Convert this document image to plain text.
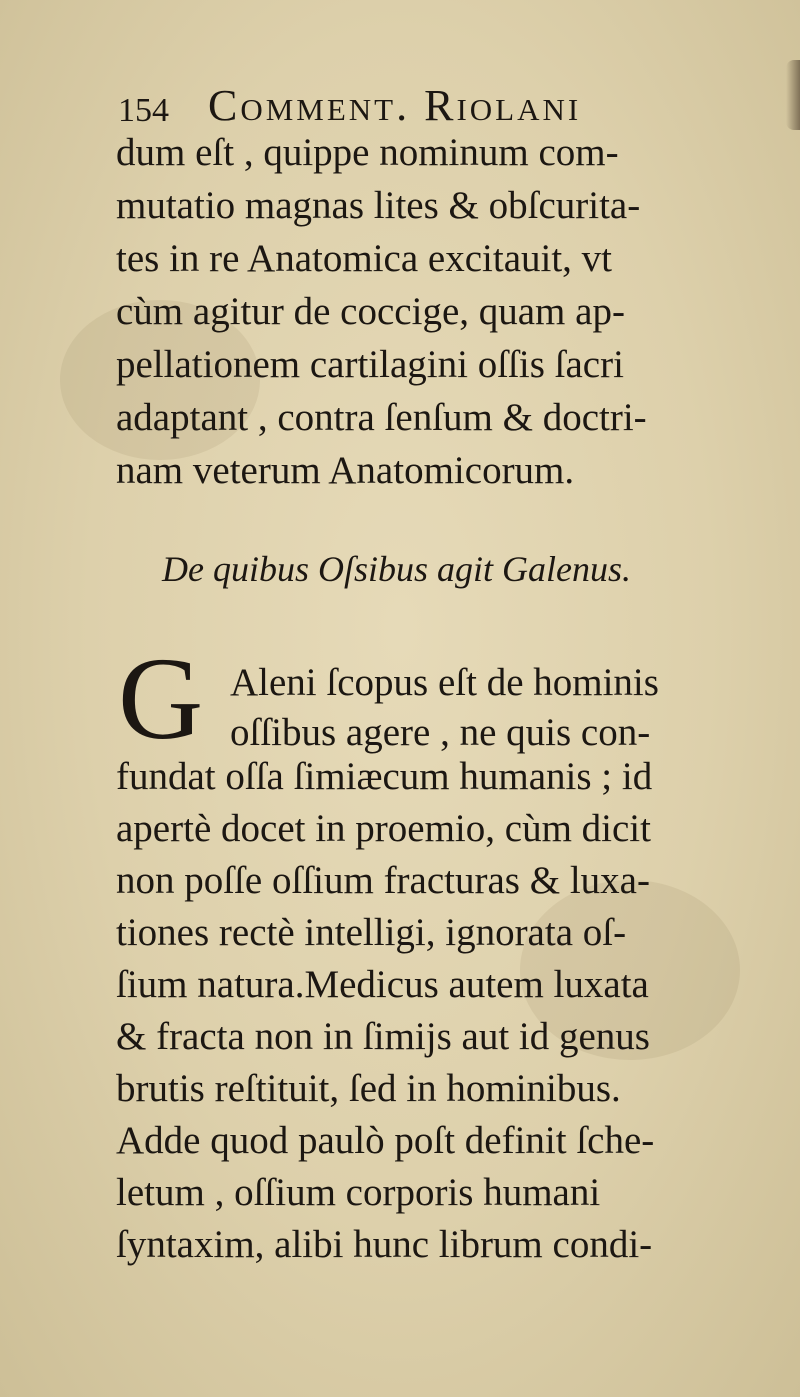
154 Comment. Riolani
dum eſt , quippe nominum com-
mutatio magnas lites & obſcurita-
tes in re Anatomica excitauit, vt
cùm agitur de coccige, quam ap-
pellationem cartilagini oſſis ſacri
adaptant , contra ſenſum & doctri-
nam veterum Anatomicorum.
De quibus Oſsibus agit Galenus.
G Aleni ſcopus eſt de hominis
oſſibus agere , ne quis con-
fundat oſſa ſimiæcum humanis ; id
apertè docet in proemio, cùm dicit
non poſſe oſſium fracturas & luxa-
tiones rectè intelligi, ignorata oſ-
ſium natura.Medicus autem luxata
& fracta non in ſimijs aut id genus
brutis reſtituit, ſed in hominibus.
Adde quod paulò poſt definit ſche-
letum , oſſium corporis humani
ſyntaxim, alibi hunc librum condi-
